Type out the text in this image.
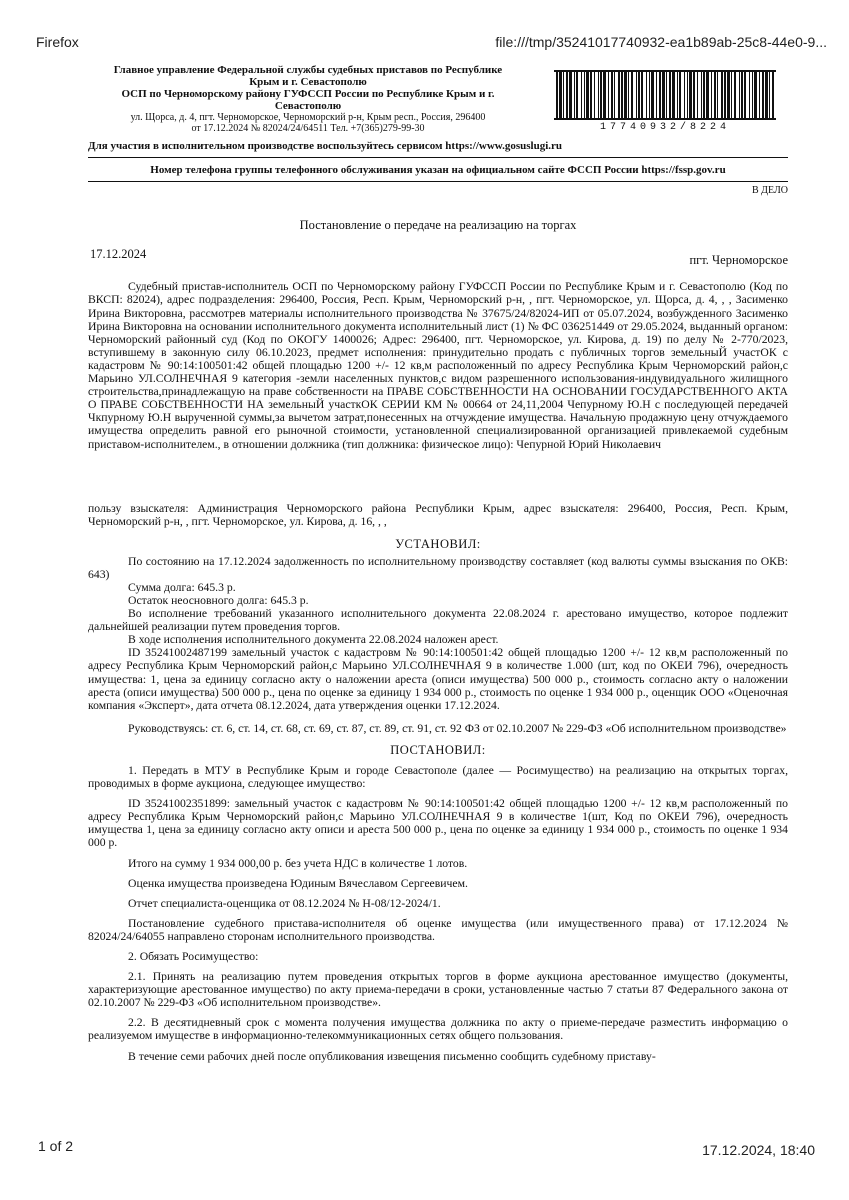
Firefox	file:///tmp/35241017740932-ea1b89ab-25c8-44e0-9...
Главное управление Федеральной службы судебных приставов по Республике
Крым и г. Севастополю
ОСП по Черноморскому району ГУФССП России по Республике Крым и г.
Севастополю
ул. Щорса, д. 4, пгт. Черноморское, Черноморский р-н, Крым респ., Россия, 296400
от 17.12.2024 № 82024/24/64511 Тел. +7(365)279-99-30
Для участия в исполнительном производстве воспользуйтесь сервисом https://www.gosuslugi.ru
17740932/8224
Номер телефона группы телефонного обслуживания указан на официальном сайте ФССП России https://fssp.gov.ru
В ДЕЛО
Постановление о передаче на реализацию на торгах
17.12.2024	пгт. Черноморское

Судебный пристав-исполнитель ОСП по Черноморскому району ГУФССП России по Республике Крым и г. Севастополю (Код по ВКСП: 82024), адрес подразделения: 296400, Россия, Респ. Крым, Черноморский р-н, , пгт. Черноморское, ул. Щорса, д. 4, , , Засименко Ирина Викторовна, рассмотрев материалы исполнительного производства № 37675/24/82024-ИП от 05.07.2024, возбужденного Засименко Ирина Викторовна на основании исполнительного документа исполнительный лист (1) № ФС 036251449 от 29.05.2024, выданный органом: Черноморский районный суд (Код по ОКОГУ 1400026; Адрес: 296400, пгт. Черноморское, ул. Кирова, д. 19) по делу № 2-770/2023, вступившему в законную силу 06.10.2023, предмет исполнения: принудительно продать с публичных торгов земельныЙ участОК с кадастровм № 90:14:100501:42 общей площадью 1200 +/- 12 кв,м расположенный по адресу Республика Крым Черноморский район,с Марьино УЛ.СОЛНЕЧНАЯ 9 категория -земли населенных пунктов,с видом разрешенного использования-индувидуального жилищного строительства,принадлежащую на праве собственности на ПРАВЕ СОБСТВЕННОСТИ НА ОСНОВАНИИ ГОСУДАРСТВЕННОГО АКТА О ПРАВЕ СОБСТВЕННОСТИ НА земельныЙ участкОК СЕРИИ КМ № 00664 от 24,11,2004 Чепурному Ю.Н с последующей передачей Чкпурному Ю.Н вырученной суммы,за вычетом затрат,понесенных на отчуждение имущества. Начальную продажную цену отчуждаемого имущества определить равной его рыночной стоимости, установленной специализированной организацией привлекаемой судебным приставом-исполнителем., в отношении должника (тип должника: физическое лицо): Чепурной Юрий Николаевич

пользу взыскателя: Администрация Черноморского района Республики Крым, адрес взыскателя: 296400, Россия, Респ. Крым, Черноморский р-н, , пгт. Черноморское, ул. Кирова, д. 16, , ,

УСТАНОВИЛ:

По состоянию на 17.12.2024 задолженность по исполнительному производству составляет (код валюты суммы взыскания по ОКВ: 643)

Сумма долга: 645.3 р.

Остаток неосновного долга: 645.3 р.

Во исполнение требований указанного исполнительного документа 22.08.2024 г. арестовано имущество, которое подлежит дальнейшей реализации путем проведения торгов.

В ходе исполнения исполнительного документа 22.08.2024 наложен арест.

ID 35241002487199 замельный участок с кадастровм № 90:14:100501:42 общей площадью 1200 +/- 12 кв,м расположенный по адресу Республика Крым Черноморский район,с Марьино УЛ.СОЛНЕЧНАЯ 9 в количестве 1.000 (шт, код по ОКЕИ 796), очередность имущества: 1, цена за единицу согласно акту о наложении ареста (описи имущества) 500 000 р., стоимость согласно акту о наложении ареста (описи имущества) 500 000 р., цена по оценке за единицу 1 934 000 р., стоимость по оценке 1 934 000 р., оценщик ООО «Оценочная компания «Эксперт», дата отчета 08.12.2024, дата утверждения оценки 17.12.2024.

Руководствуясь: ст. 6, ст. 14, ст. 68, ст. 69, ст. 87, ст. 89, ст. 91, ст. 92 ФЗ от 02.10.2007 № 229-ФЗ «Об исполнительном производстве»

ПОСТАНОВИЛ:

1. Передать в МТУ в Республике Крым и городе Севастополе (далее — Росимущество) на реализацию на открытых торгах, проводимых в форме аукциона, следующее имущество:

ID 35241002351899: замельный участок с кадастровм № 90:14:100501:42 общей площадью 1200 +/- 12 кв,м расположенный по адресу Республика Крым Черноморский район,с Марьино УЛ.СОЛНЕЧНАЯ 9 в количестве 1(шт, Код по ОКЕИ 796), очередность имущества 1, цена за единицу согласно акту описи и ареста 500 000 р., цена по оценке за единицу 1 934 000 р., стоимость по оценке 1 934 000 р.

Итого на сумму 1 934 000,00 р. без учета НДС в количестве 1 лотов.

Оценка имущества произведена Юдиным Вячеславом Сергеевичем.

Отчет специалиста-оценщика от 08.12.2024 № Н-08/12-2024/1.

Постановление судебного пристава-исполнителя об оценке имущества (или имущественного права) от 17.12.2024 № 82024/24/64055 направлено сторонам исполнительного производства.

2. Обязать Росимущество:

2.1. Принять на реализацию путем проведения открытых торгов в форме аукциона арестованное имущество (документы, характеризующие арестованное имущество) по акту приема-передачи в сроки, установленные частью 7 статьи 87 Федерального закона от 02.10.2007 № 229-ФЗ «Об исполнительном производстве».

2.2. В десятидневный срок с момента получения имущества должника по акту о приеме-передаче разместить информацию о реализуемом имуществе в информационно-телекоммуникационных сетях общего пользования.

В течение семи рабочих дней после опубликования извещения письменно сообщить судебному приставу-

1 of 2	17.12.2024, 18:40
